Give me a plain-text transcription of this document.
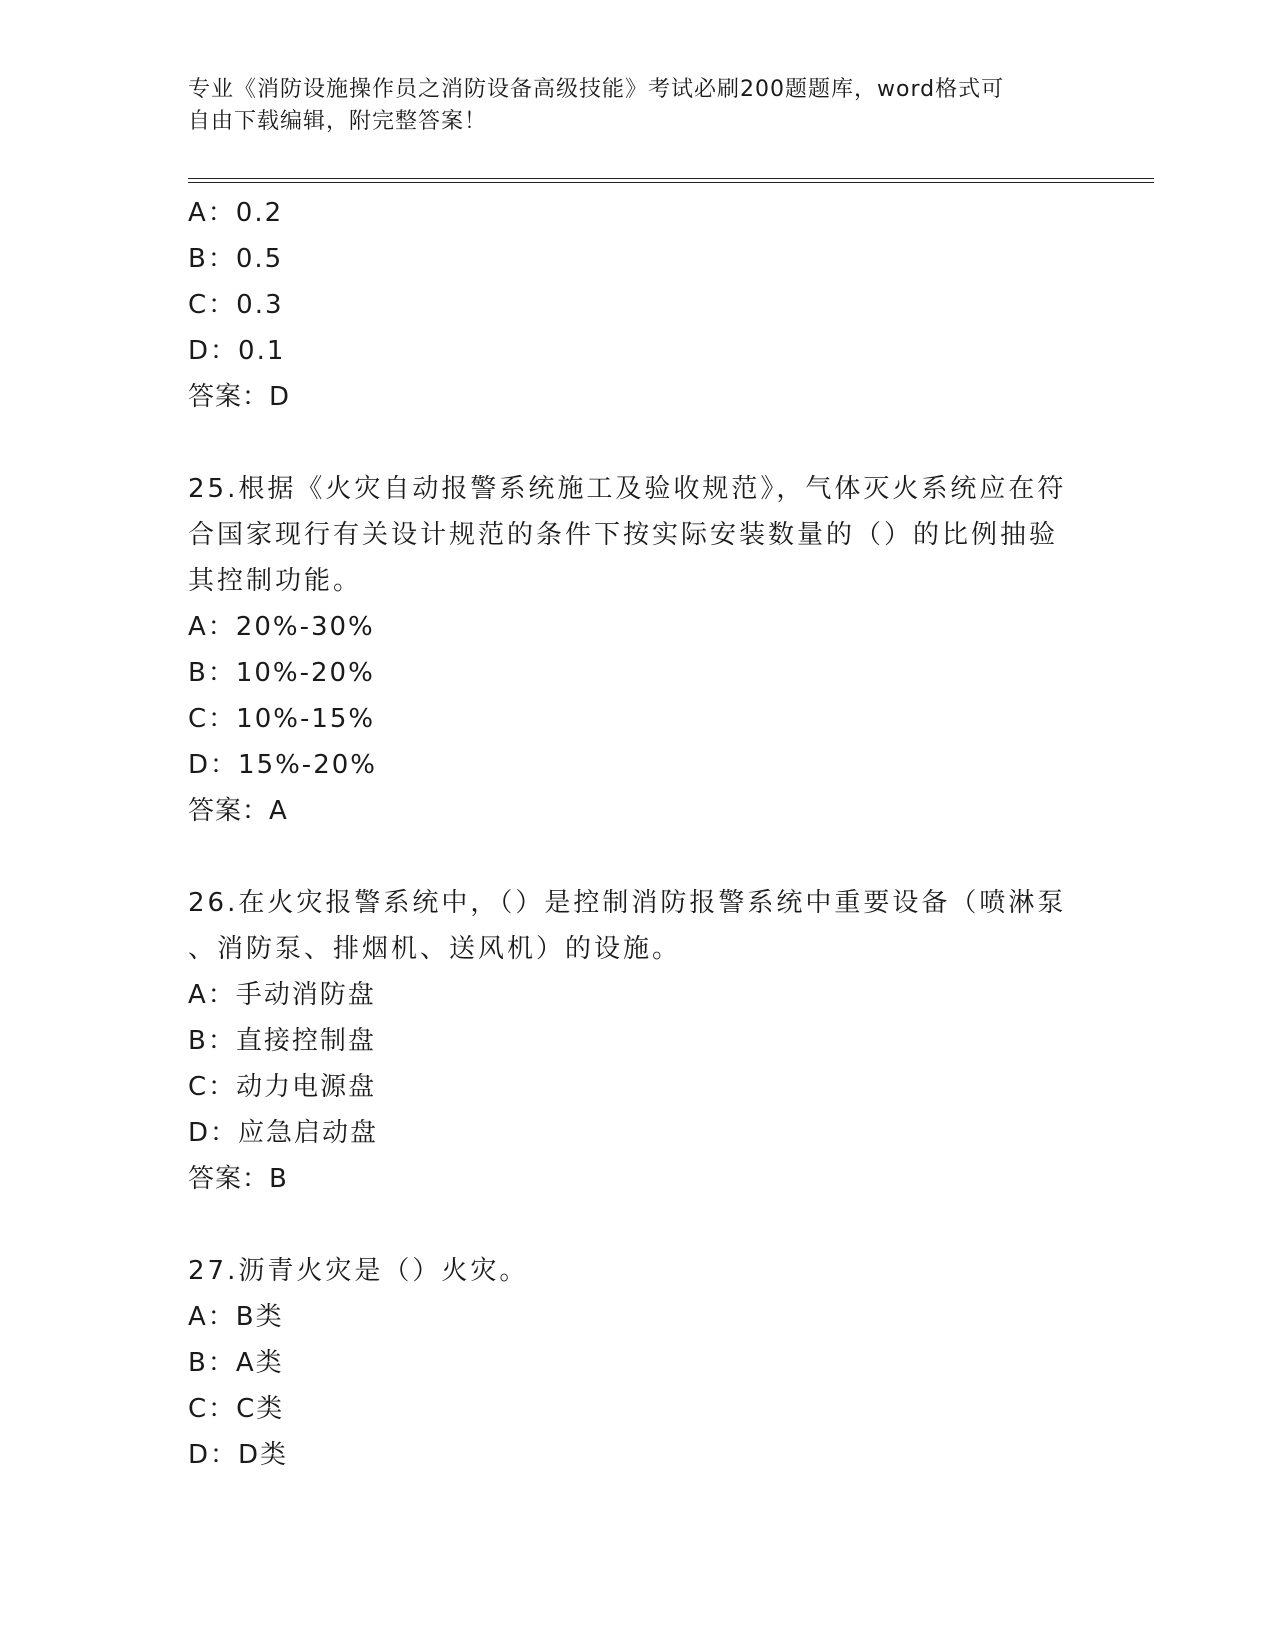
专业《消防设施操作员之消防设备高级技能》考试必刷200题题库，word格式可
自由下载编辑，附完整答案！
A：0.2
B：0.5
C：0.3
D：0.1
答案：D
25.根据《火灾自动报警系统施工及验收规范》，气体灭火系统应在符
合国家现行有关设计规范的条件下按实际安装数量的（）的比例抽验
其控制功能。
A：20%-30%
B：10%-20%
C：10%-15%
D：15%-20%
答案：A
26.在火灾报警系统中，（）是控制消防报警系统中重要设备（喷淋泵
、消防泵、排烟机、送风机）的设施。
A：手动消防盘
B：直接控制盘
C：动力电源盘
D：应急启动盘
答案：B
27.沥青火灾是（）火灾。
A：B类
B：A类
C：C类
D：D类
